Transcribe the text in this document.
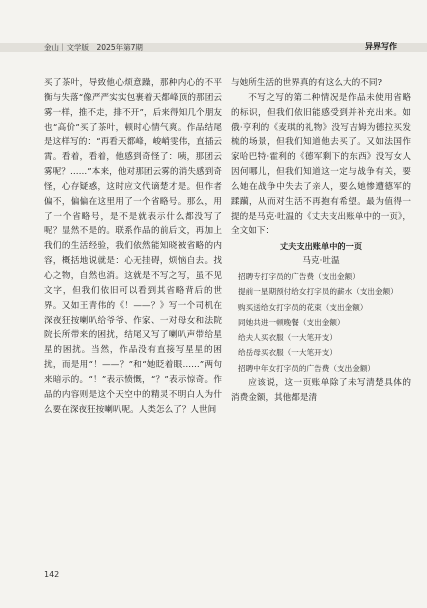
金山｜文学版　2025年第7期	异界写作

买了茶叶，导致他心烦意躁，那种内心的不平衡与失落“像严严实实包裹着天都峰顶的那团云雾一样，推不走，排不开”，后来得知几个朋友也“高价”买了茶叶，顿时心情气爽。作品结尾是这样写的：“再看天都峰，峻峭雯伟，直插云霄。看着，看着，他感到奇怪了：咦，那团云雾呢？……”本来，他对那团云雾的消失感到奇怪，心存疑惑，这时应文代谪楚才是。但作者偏不，偏偏在这里用了一个省略号。那么，用了一个省略号，是不是就表示什么都没写了呢？显然不是的。联系作品的前后文，再加上我们的生活经验，我们依然能知晓被省略的内容，概括地说就是：心无挂碍，烦恼自去。找心之物，自然也消。这就是不写之写，虽不见文字，但我们依旧可以看到其省略背后的世界。又如王青伟的《！——？》写一个司机在深夜狂按喇叭给爷爷、作家、一对母女和法院院长所带来的困扰，结尾又写了喇叭声带给星星的困扰。当然，作品没有直接写星星的困扰，而是用“！——？”和“她眨着眼……”两句来暗示的。“！”表示愤慨，“？”表示惊奇。作品的内容则是这个天空中的精灵不明白人为什么要在深夜狂按喇叭呢。人类怎么了？人世间

与她所生活的世界真的有这么大的不同?

不写之写的第二种情况是作品未使用省略的标识，但我们依旧能感受到并补充出来。如俄·亨利的《麦琪的礼物》没写吉姆为德拉买发梳的场景，但我们知道他去买了。又如法国作家哈巴特·霍利的《德军剩下的东西》没写女人因何哪儿，但我们知道这一定与战争有关，要么她在战争中失去了亲人，要么她惨遭德军的蹂躏，从而对生活不再抱有希望。最为值得一提的是马克·吐温的《丈夫支出账单中的一页》，全文如下：

丈夫支出账单中的一页

马克·吐温

招聘专打字员的广告费（支出金额）

提前一星期预付给女打字员的薪水（支出金额）

购买送给女打字员的花束（支出金额）

同她共进一顿晚餐（支出金额）

给夫人买衣服（一大笔开支）

给岳母买衣服（一大笔开支）

招聘中年女打字员的广告费（支出金额）

应该说，这一页账单除了未写清楚具体的消费金额，其他都是清

142
